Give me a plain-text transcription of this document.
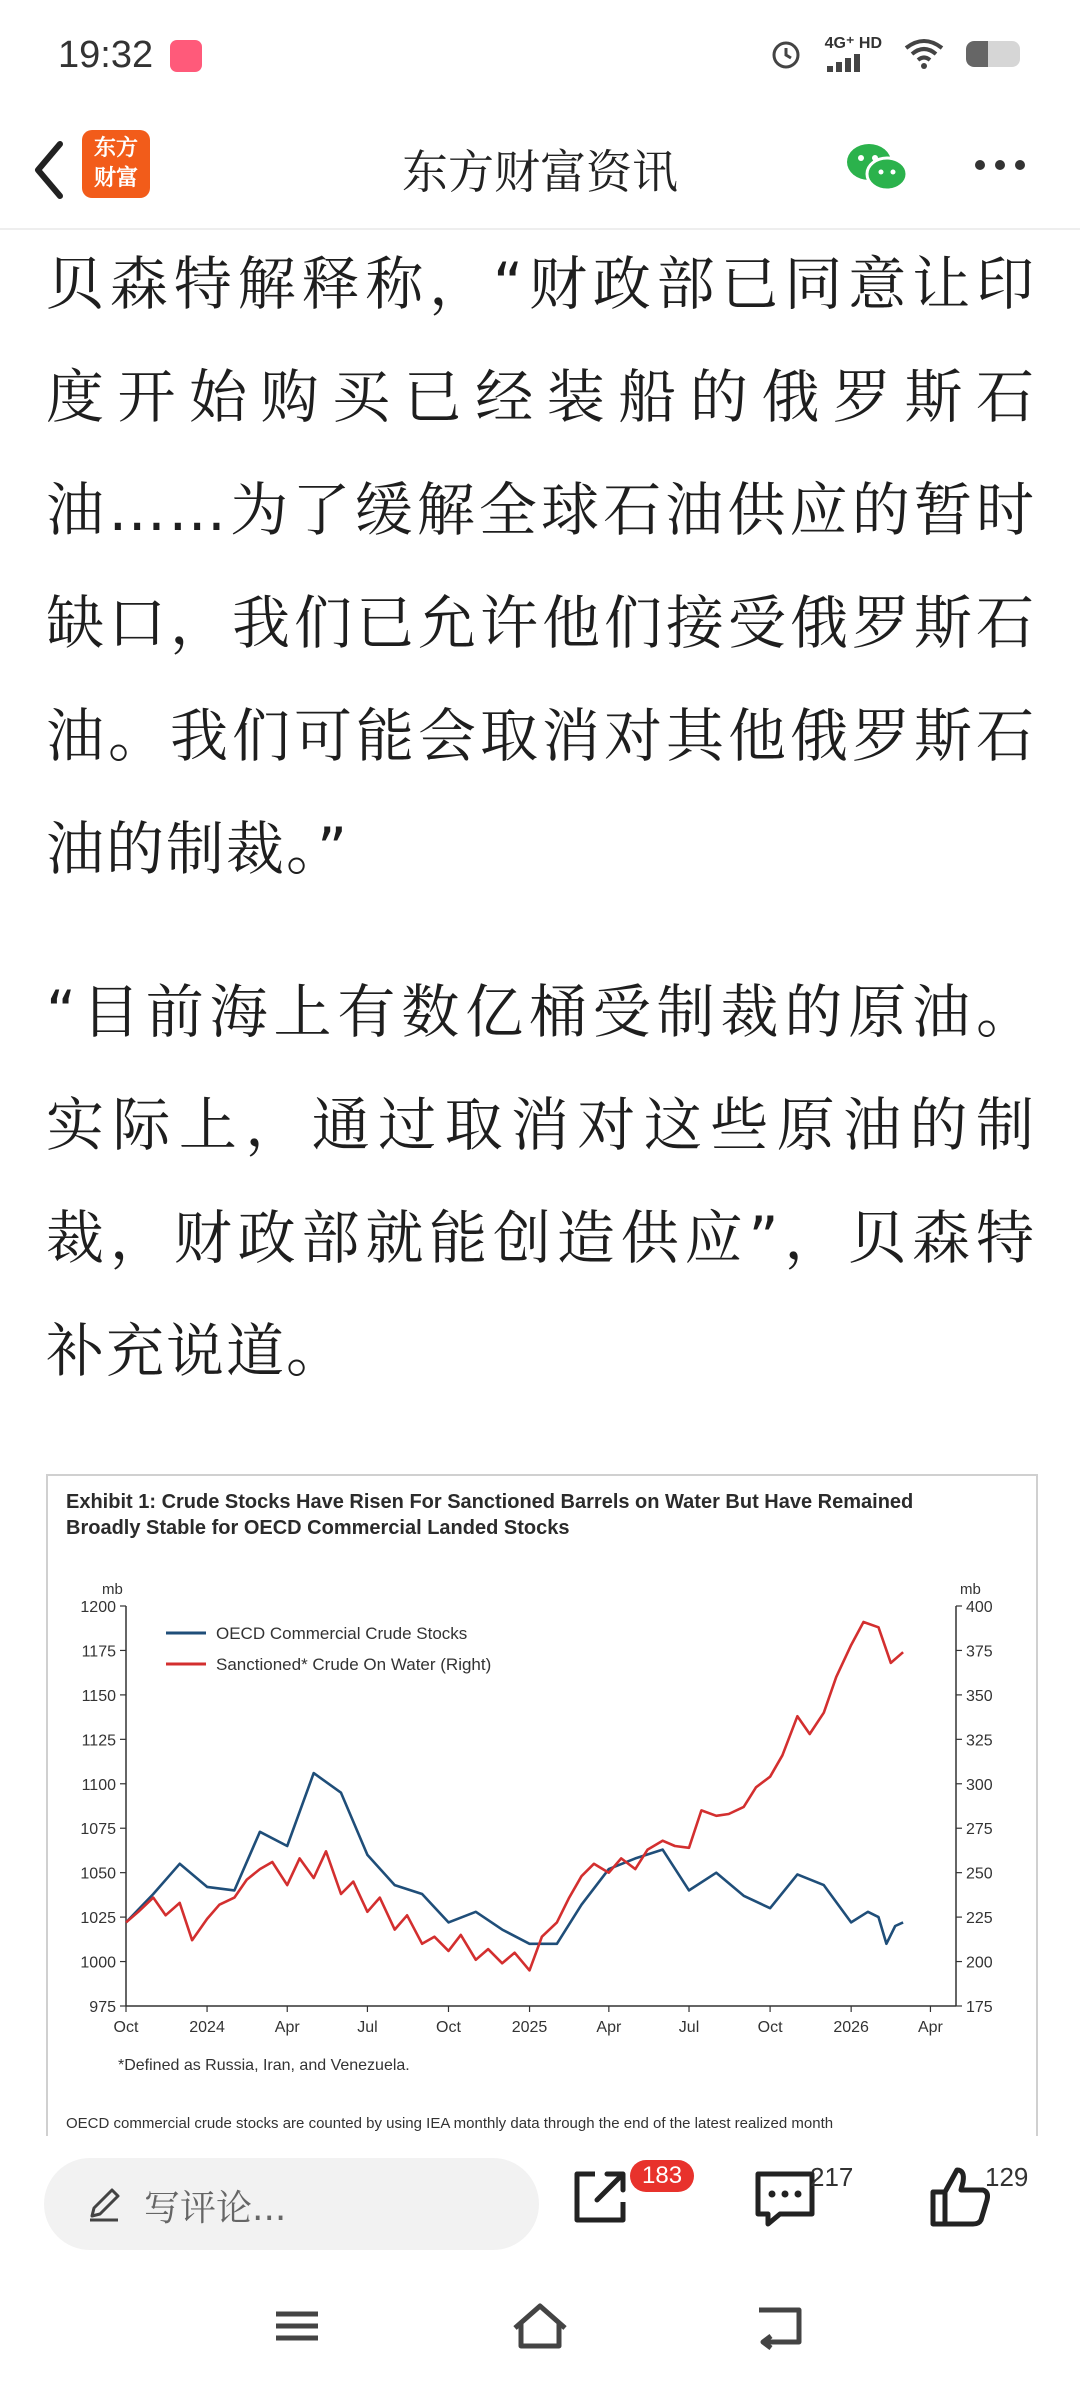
19:32	4G⁺ HD
东方
财富	东方财富资讯

贝森特解释称，“财政部已同意让印度开始购买已经装船的俄罗斯石油……为了缓解全球石油供应的暂时缺口，我们已允许他们接受俄罗斯石油。我们可能会取消对其他俄罗斯石油的制裁。”

“目前海上有数亿桶受制裁的原油。实际上，通过取消对这些原油的制裁，财政部就能创造供应”，贝森特补充说道。

Exhibit 1: Crude Stocks Have Risen For Sanctioned Barrels on Water But Have Remained
Broadly Stable for OECD Commercial Landed Stocks
mb	mb
975
1000
1025
1050
1075
1100
1125
1150
1175
1200
175
200
225
250
275
300
325
350
375
400
Oct	2024	Apr	Jul	Oct	2025	Apr	Jul	Oct	2026	Apr
OECD Commercial Crude Stocks
Sanctioned* Crude On Water (Right)
*Defined as Russia, Iran, and Venezuela.
OECD commercial crude stocks are counted by using IEA monthly data through the end of the latest realized month
写评论...
183	217	129
